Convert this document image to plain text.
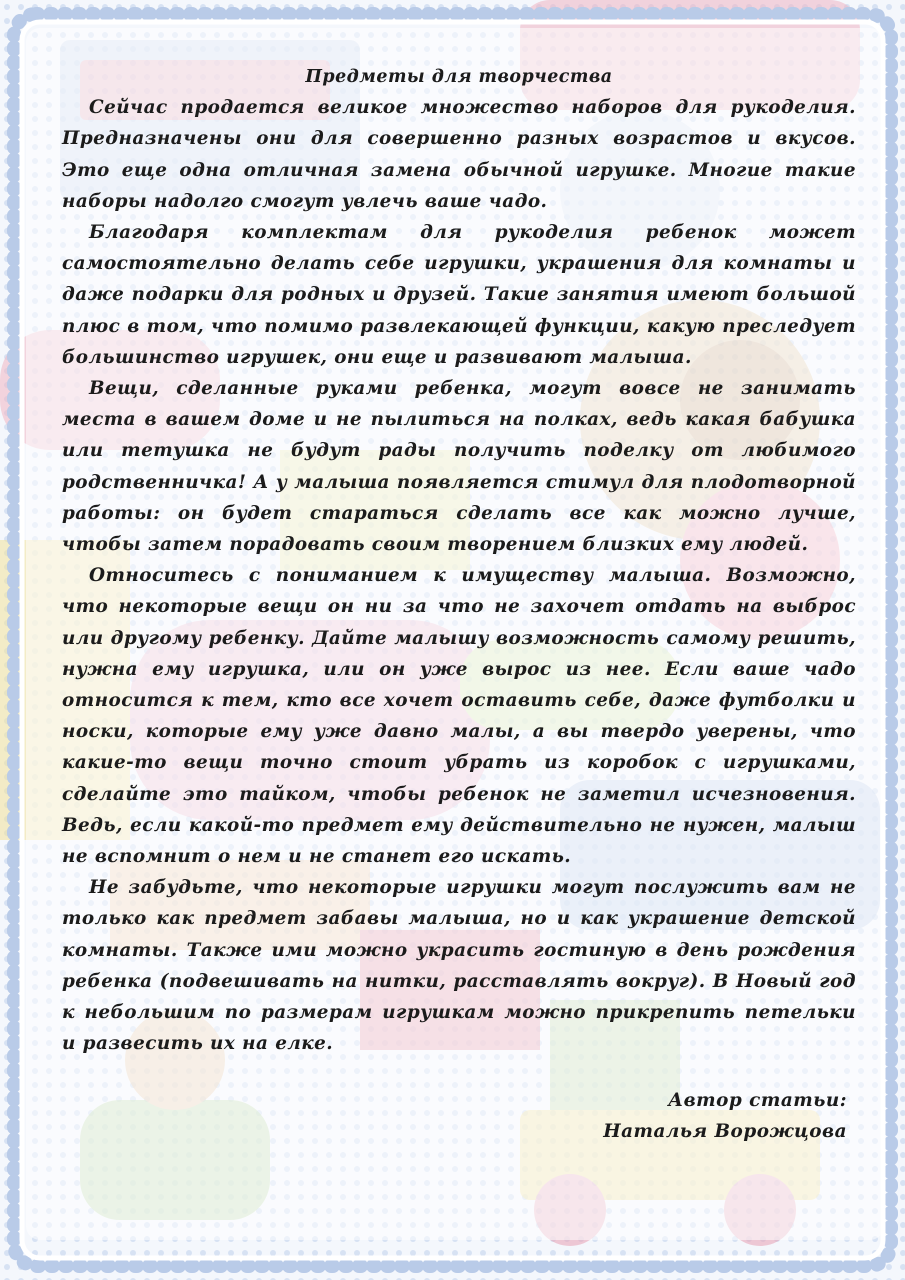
Предметы для творчества

Сейчас продается великое множество наборов для рукоделия. Предназначены они для совершенно разных возрастов и вкусов. Это еще одна отличная замена обычной игрушке. Многие такие наборы надолго смогут увлечь ваше чадо.

Благодаря комплектам для рукоделия ребенок может самостоятельно делать себе игрушки, украшения для комнаты и даже подарки для родных и друзей. Такие занятия имеют большой плюс в том, что помимо развлекающей функции, какую преследует большинство игрушек, они еще и развивают малыша.

Вещи, сделанные руками ребенка, могут вовсе не занимать места в вашем доме и не пылиться на полках, ведь какая бабушка или тетушка не будут рады получить поделку от любимого родственничка! А у малыша появляется стимул для плодотворной работы: он будет стараться сделать все как можно лучше, чтобы затем порадовать своим творением близких ему людей.

Относитесь с пониманием к имуществу малыша. Возможно, что некоторые вещи он ни за что не захочет отдать на выброс или другому ребенку. Дайте малышу возможность самому решить, нужна ему игрушка, или он уже вырос из нее. Если ваше чадо относится к тем, кто все хочет оставить себе, даже футболки и носки, которые ему уже давно малы, а вы твердо уверены, что какие-то вещи точно стоит убрать из коробок с игрушками, сделайте это тайком, чтобы ребенок не заметил исчезновения. Ведь, если какой-то предмет ему действительно не нужен, малыш не вспомнит о нем и не станет его искать.

Не забудьте, что некоторые игрушки могут послужить вам не только как предмет забавы малыша, но и как украшение детской комнаты. Также ими можно украсить гостиную в день рождения ребенка (подвешивать на нитки, расставлять вокруг). В Новый год к небольшим по размерам игрушкам можно прикрепить петельки и развесить их на елке.

Автор статьи:
Наталья Ворожцова
